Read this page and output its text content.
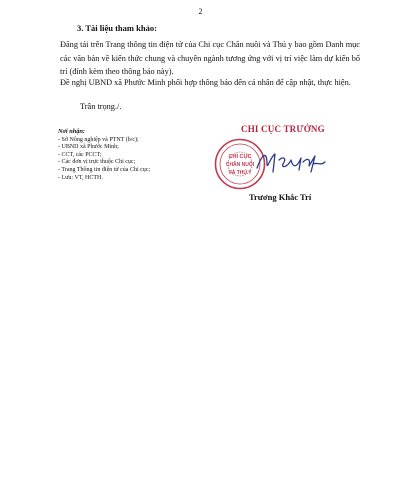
2
3. Tài liệu tham khảo:
Đăng tải trên Trang thông tin điện tử của Chi cục Chăn nuôi và Thú y bao gồm Danh mục các văn bản về kiến thức chung và chuyên ngành tương ứng với vị trí việc làm dự kiến bố trí (đính kèm theo thông báo này).
Đề nghị UBND xã Phước Minh phối hợp thông báo đến cá nhân để cập nhật, thực hiện.
Trân trọng./.
Nơi nhận:
- Sở Nông nghiệp và PTNT (b/c);
- UBND xã Phước Minh;
- CCT, các PCCT;
- Các đơn vị trực thuộc Chi cục;
- Trang Thông tin điện tử của Chi cục;
- Lưu: VT, HCTH.
CHI CỤC TRƯỞNG
CHI CỤC
CHĂN NUÔI
VÀ THÚ Y
Trương Khắc Trí
